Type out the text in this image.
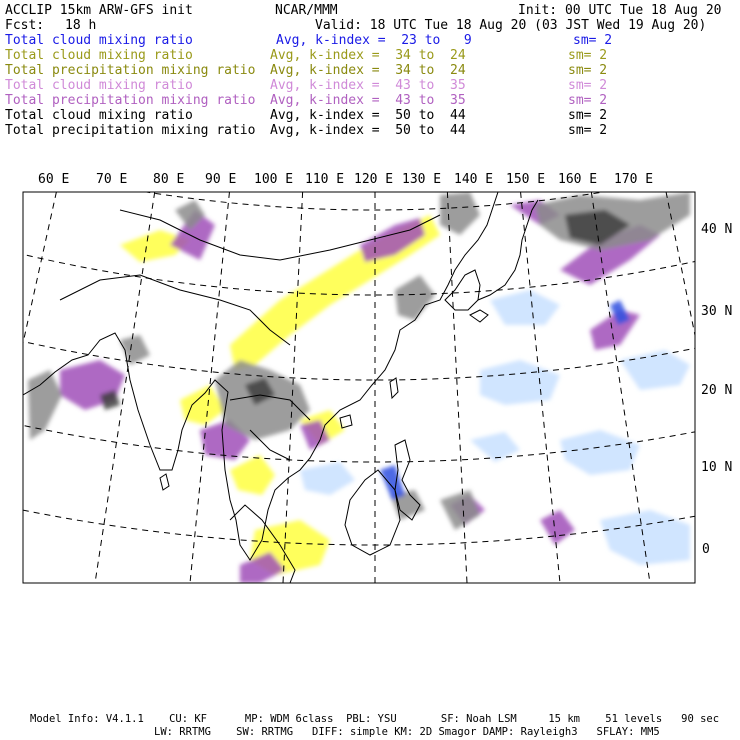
ACCLIP 15km ARW-GFS init	NCAR/MMM	Init: 00 UTC Tue 18 Aug 20
Fcst: 18 h	Valid: 18 UTC Tue 18 Aug 20 (03 JST Wed 19 Aug 20)
Total cloud mixing ratio	Avg, k-index =  23 to   9	sm= 2
Total cloud mixing ratio	Avg, k-index =  34 to  24	sm= 2
Total precipitation mixing ratio Avg, k-index =  34 to  24	sm= 2
Total cloud mixing ratio	Avg, k-index =  43 to  35	sm= 2
Total precipitation mixing ratio Avg, k-index =  43 to  35	sm= 2
Total cloud mixing ratio	Avg, k-index =  50 to  44	sm= 2
Total precipitation mixing ratio Avg, k-index =  50 to  44	sm= 2
60 E 70 E 80 E 90 E 100 E 110 E 120 E 130 E 140 E 150 E 160 E 170 E
40 N
30 N
20 N
10 N
0
Model Info: V4.1.1    CU: KF      MP: WDM 6class  PBL: YSU       SF: Noah LSM     15 km    51 levels   90 sec
LW: RRTMG    SW: RRTMG   DIFF: simple KM: 2D Smagor DAMP: Rayleigh3   SFLAY: MM5
